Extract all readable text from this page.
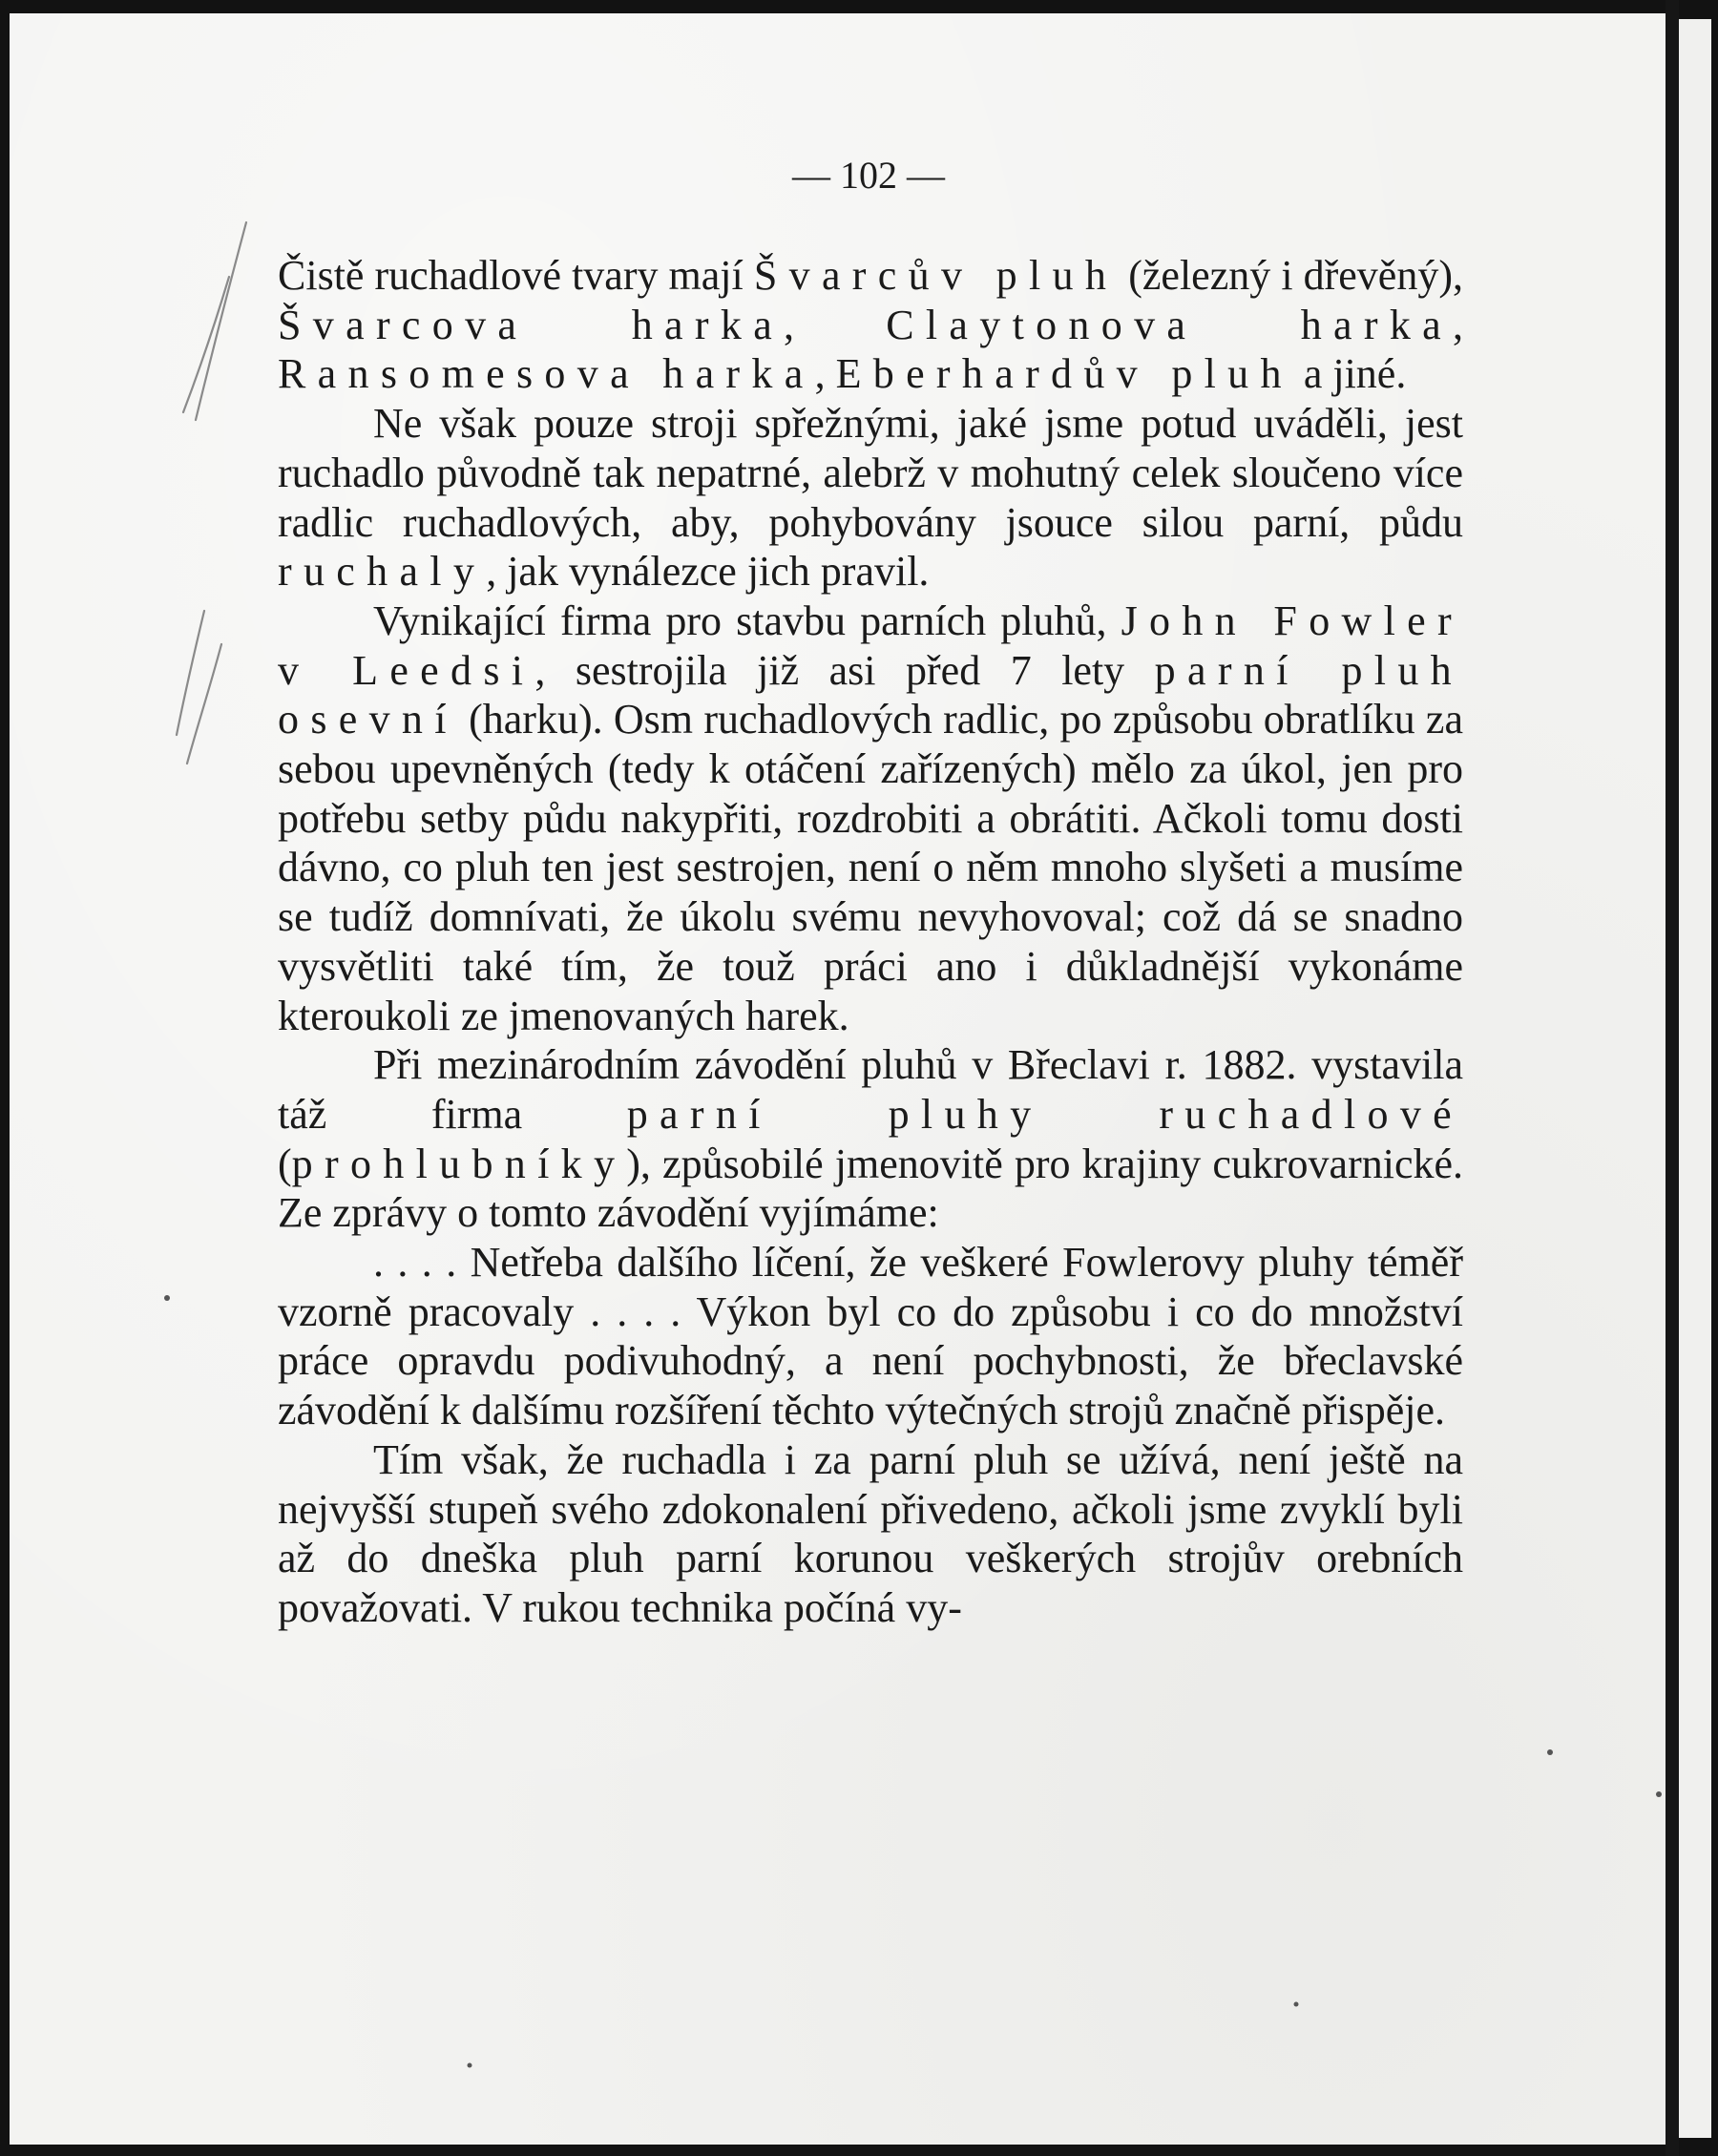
— 102 —

Čistě ruchadlové tvary mají Švarcův pluh (železný i dřevěný), Švarcova harka, Claytonova harka, Ransomesova harka, Eberhardův pluh a jiné.

Ne však pouze stroji spřežnými, jaké jsme potud uváděli, jest ruchadlo původně tak nepatrné, alebrž v mohutný celek sloučeno více radlic ruchadlových, aby, pohybovány jsouce silou parní, půdu ruchaly, jak vynálezce jich pravil.

Vynikající firma pro stavbu parních pluhů, John Fowler v Leedsi, sestrojila již asi před 7 lety parní pluh osevní (harku). Osm ruchadlových radlic, po způsobu obratlíku za sebou upevněných (tedy k otáčení zařízených) mělo za úkol, jen pro potřebu setby půdu nakypřiti, rozdrobiti a obrátiti. Ačkoli tomu dosti dávno, co pluh ten jest sestrojen, není o něm mnoho slyšeti a musíme se tudíž domnívati, že úkolu svému nevyhovoval; což dá se snadno vysvětliti také tím, že touž práci ano i důkladnější vykonáme kteroukoli ze jmenovaných harek.

Při mezinárodním závodění pluhů v Břeclavi r. 1882. vystavila táž firma parní pluhy ruchadlové (prohlubníky), způsobilé jmenovitě pro krajiny cukrovarnické. Ze zprávy o tomto závodění vyjímáme:

. . . . Netřeba dalšího líčení, že veškeré Fowlerovy pluhy téměř vzorně pracovaly . . . . Výkon byl co do způsobu i co do množství práce opravdu podivuhodný, a není pochybnosti, že břeclavské závodění k dalšímu rozšíření těchto výtečných strojů značně přispěje.

Tím však, že ruchadla i za parní pluh se užívá, není ještě na nejvyšší stupeň svého zdokonalení přivedeno, ačkoli jsme zvyklí byli až do dneška pluh parní korunou veškerých strojův orebních považovati. V rukou technika počíná vy-
